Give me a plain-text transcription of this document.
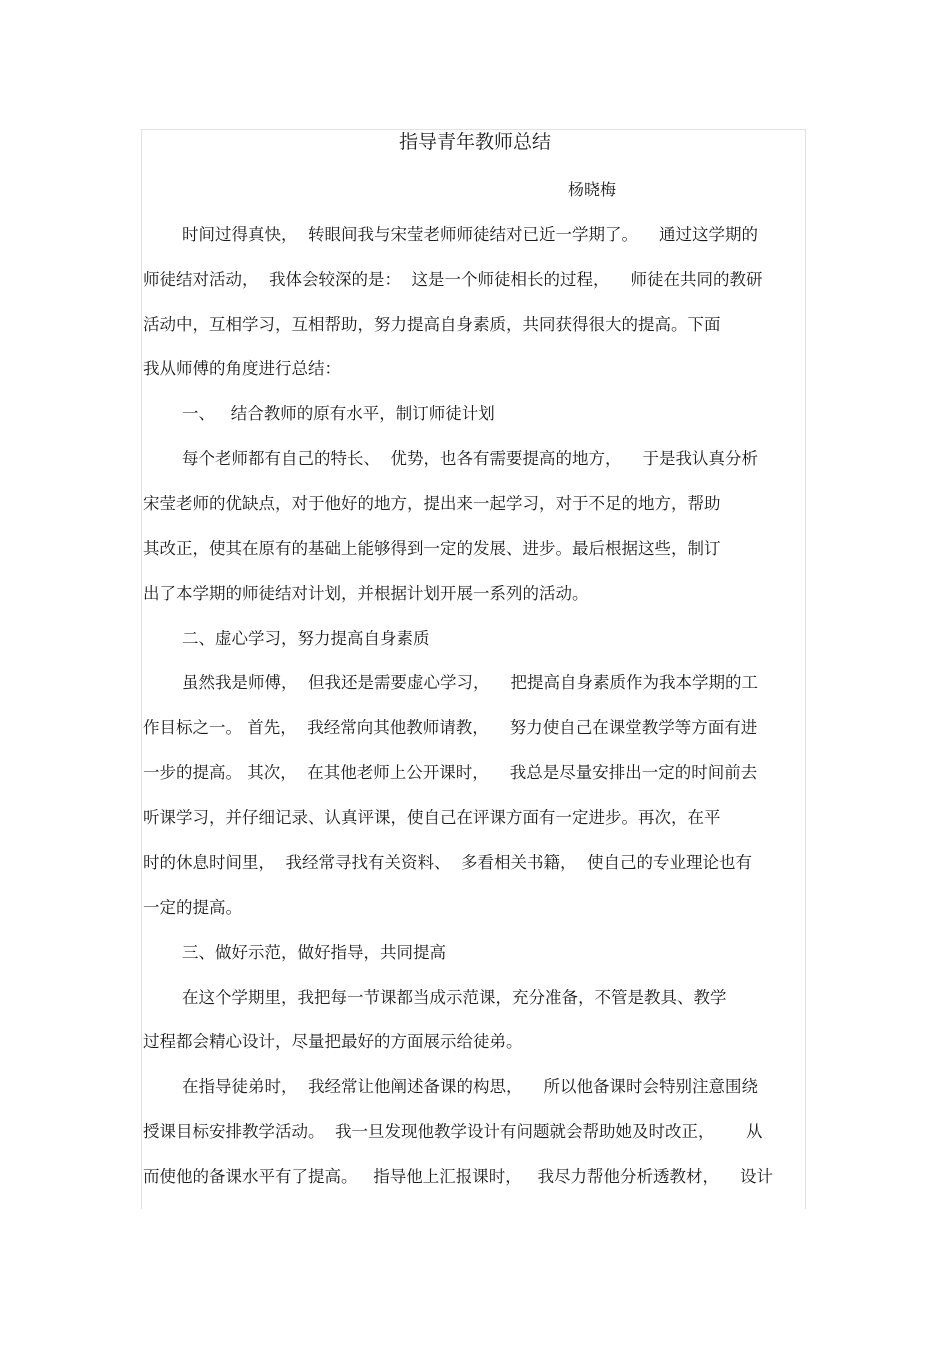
指导青年教师总结
杨晓梅
时间过得真快，  转眼间我与宋莹老师师徒结对已近一学期了。    通过这学期的
师徒结对活动，  我体会较深的是：  这是一个师徒相长的过程，    师徒在共同的教研
活动中，互相学习，互相帮助，努力提高自身素质，共同获得很大的提高。下面
我从师傅的角度进行总结：
一、   结合教师的原有水平，制订师徒计划
每个老师都有自己的特长、  优势，也各有需要提高的地方，    于是我认真分析
宋莹老师的优缺点，对于他好的地方，提出来一起学习，对于不足的地方，帮助
其改正，使其在原有的基础上能够得到一定的发展、进步。最后根据这些，制订
出了本学期的师徒结对计划，并根据计划开展一系列的活动。
二、虚心学习，努力提高自身素质
虽然我是师傅，  但我还是需要虚心学习，    把提高自身素质作为我本学期的工
作目标之一。 首先，  我经常向其他教师请教，    努力使自己在课堂教学等方面有进
一步的提高。 其次，  在其他老师上公开课时，    我总是尽量安排出一定的时间前去
听课学习，并仔细记录、认真评课，使自己在评课方面有一定进步。再次，在平
时的休息时间里，  我经常寻找有关资料、  多看相关书籍，  使自己的专业理论也有
一定的提高。
三、做好示范，做好指导，共同提高
在这个学期里，我把每一节课都当成示范课，充分准备，不管是教具、教学
过程都会精心设计，尽量把最好的方面展示给徒弟。
在指导徒弟时，  我经常让他阐述备课的构思，    所以他备课时会特别注意围绕
授课目标安排教学活动。  我一旦发现他教学设计有问题就会帮助她及时改正，      从
而使他的备课水平有了提高。   指导他上汇报课时，   我尽力帮他分析透教材，    设计
